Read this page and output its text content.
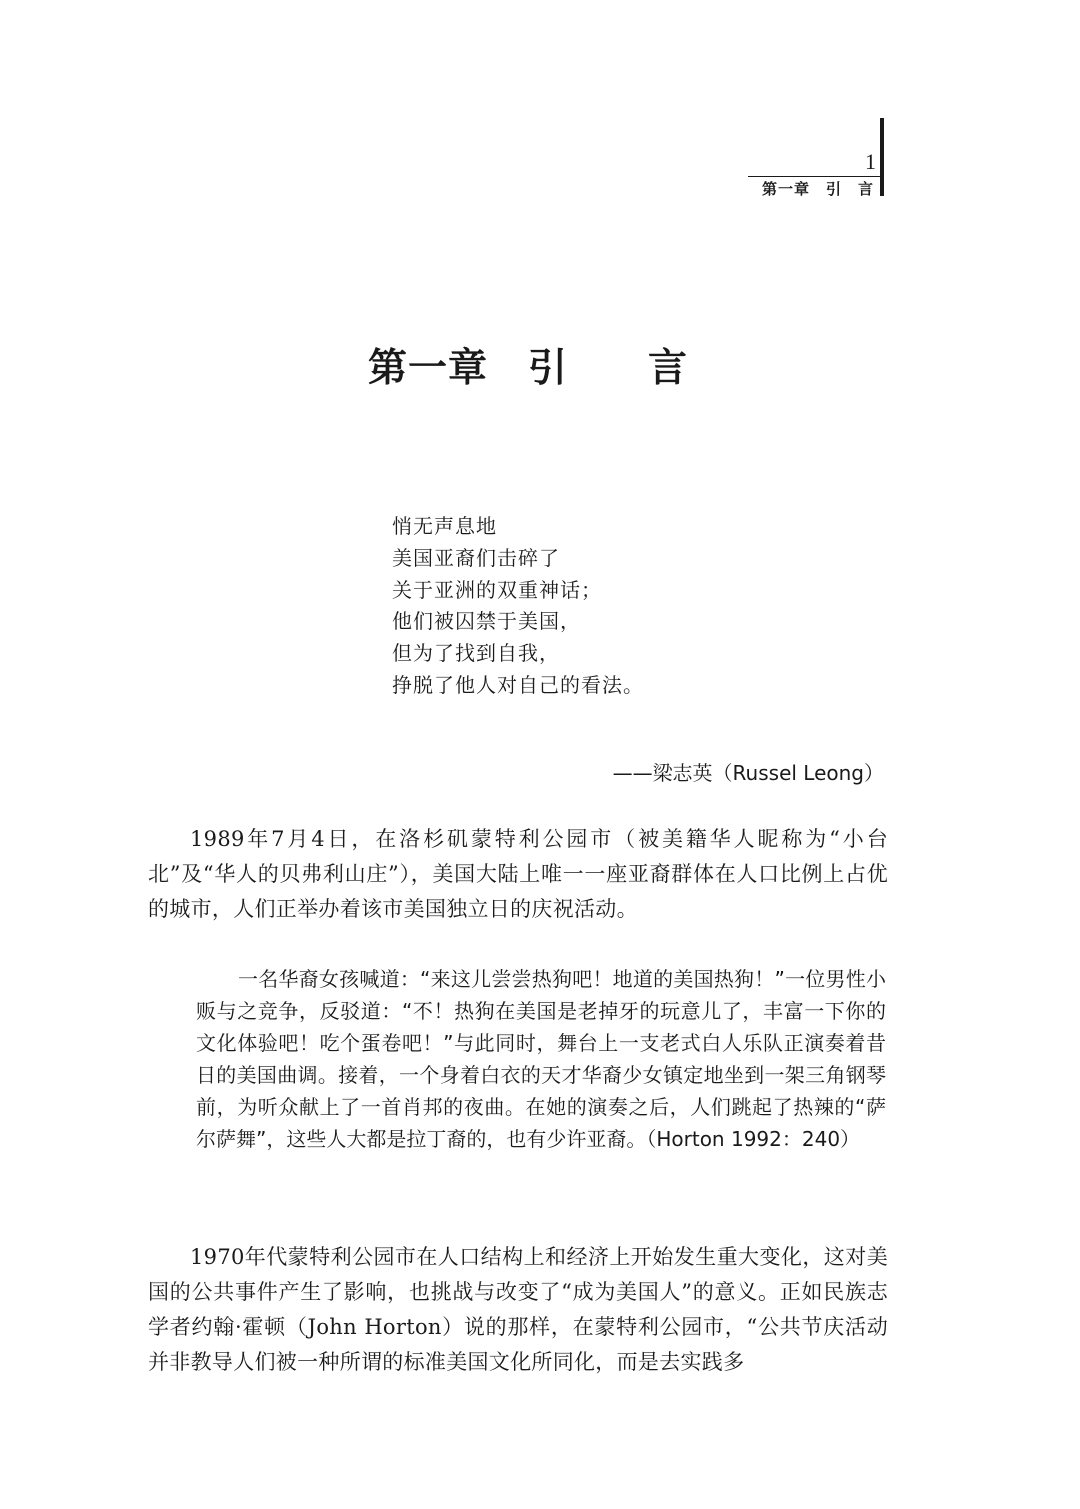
1
第一章　引　言
第一章　引　　言
悄无声息地
美国亚裔们击碎了
关于亚洲的双重神话；
他们被囚禁于美国，
但为了找到自我，
挣脱了他人对自己的看法。
——梁志英（Russel Leong）

1989年7月4日，在洛杉矶蒙特利公园市（被美籍华人昵称为“小台北”及“华人的贝弗利山庄”），美国大陆上唯一一座亚裔群体在人口比例上占优的城市，人们正举办着该市美国独立日的庆祝活动。

一名华裔女孩喊道：“来这儿尝尝热狗吧！地道的美国热狗！”一位男性小贩与之竞争，反驳道：“不！热狗在美国是老掉牙的玩意儿了，丰富一下你的文化体验吧！吃个蛋卷吧！”与此同时，舞台上一支老式白人乐队正演奏着昔日的美国曲调。接着，一个身着白衣的天才华裔少女镇定地坐到一架三角钢琴前，为听众献上了一首肖邦的夜曲。在她的演奏之后，人们跳起了热辣的“萨尔萨舞”，这些人大都是拉丁裔的，也有少许亚裔。（Horton 1992：240）

1970年代蒙特利公园市在人口结构上和经济上开始发生重大变化，这对美国的公共事件产生了影响，也挑战与改变了“成为美国人”的意义。正如民族志学者约翰·霍顿（John Horton）说的那样，在蒙特利公园市，“公共节庆活动并非教导人们被一种所谓的标准美国文化所同化，而是去实践多
